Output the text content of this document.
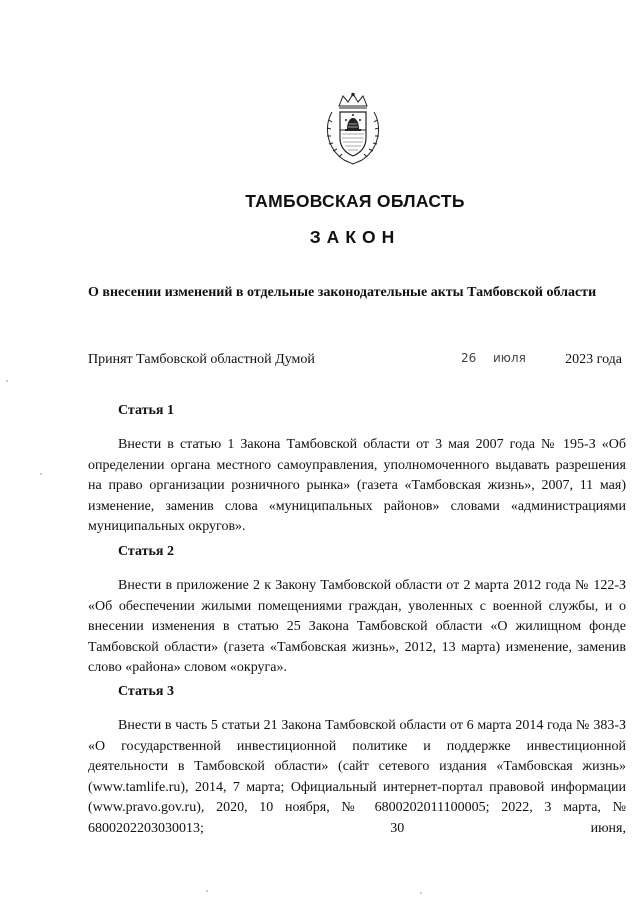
ТАМБОВСКАЯ ОБЛАСТЬ
ЗАКОН
О внесении изменений в отдельные законодательные акты Тамбовской области
Принят Тамбовской областной Думой	26 июля	2023 года
Статья 1

Внести в статью 1 Закона Тамбовской области от 3 мая 2007 года № 195-З «Об определении органа местного самоуправления, уполномоченного выдавать разрешения на право организации розничного рынка» (газета «Тамбовская жизнь», 2007, 11 мая) изменение, заменив слова «муниципальных районов» словами «администрациями муниципальных округов».

Статья 2

Внести в приложение 2 к Закону Тамбовской области от 2 марта 2012 года № 122-З «Об обеспечении жилыми помещениями граждан, уволенных с военной службы, и о внесении изменения в статью 25 Закона Тамбовской области «О жилищном фонде Тамбовской области» (газета «Тамбовская жизнь», 2012, 13 марта) изменение, заменив слово «района» словом «округа».

Статья 3

Внести в часть 5 статьи 21 Закона Тамбовской области от 6 марта 2014 года № 383-З «О государственной инвестиционной политике и поддержке инвестиционной деятельности в Тамбовской области» (сайт сетевого издания «Тамбовская жизнь» (www.tamlife.ru), 2014, 7 марта; Официальный интернет-портал правовой информации (www.pravo.gov.ru), 2020, 10 ноября, № 6800202011100005; 2022, 3 марта, № 6800202203030013; 30 июня,
